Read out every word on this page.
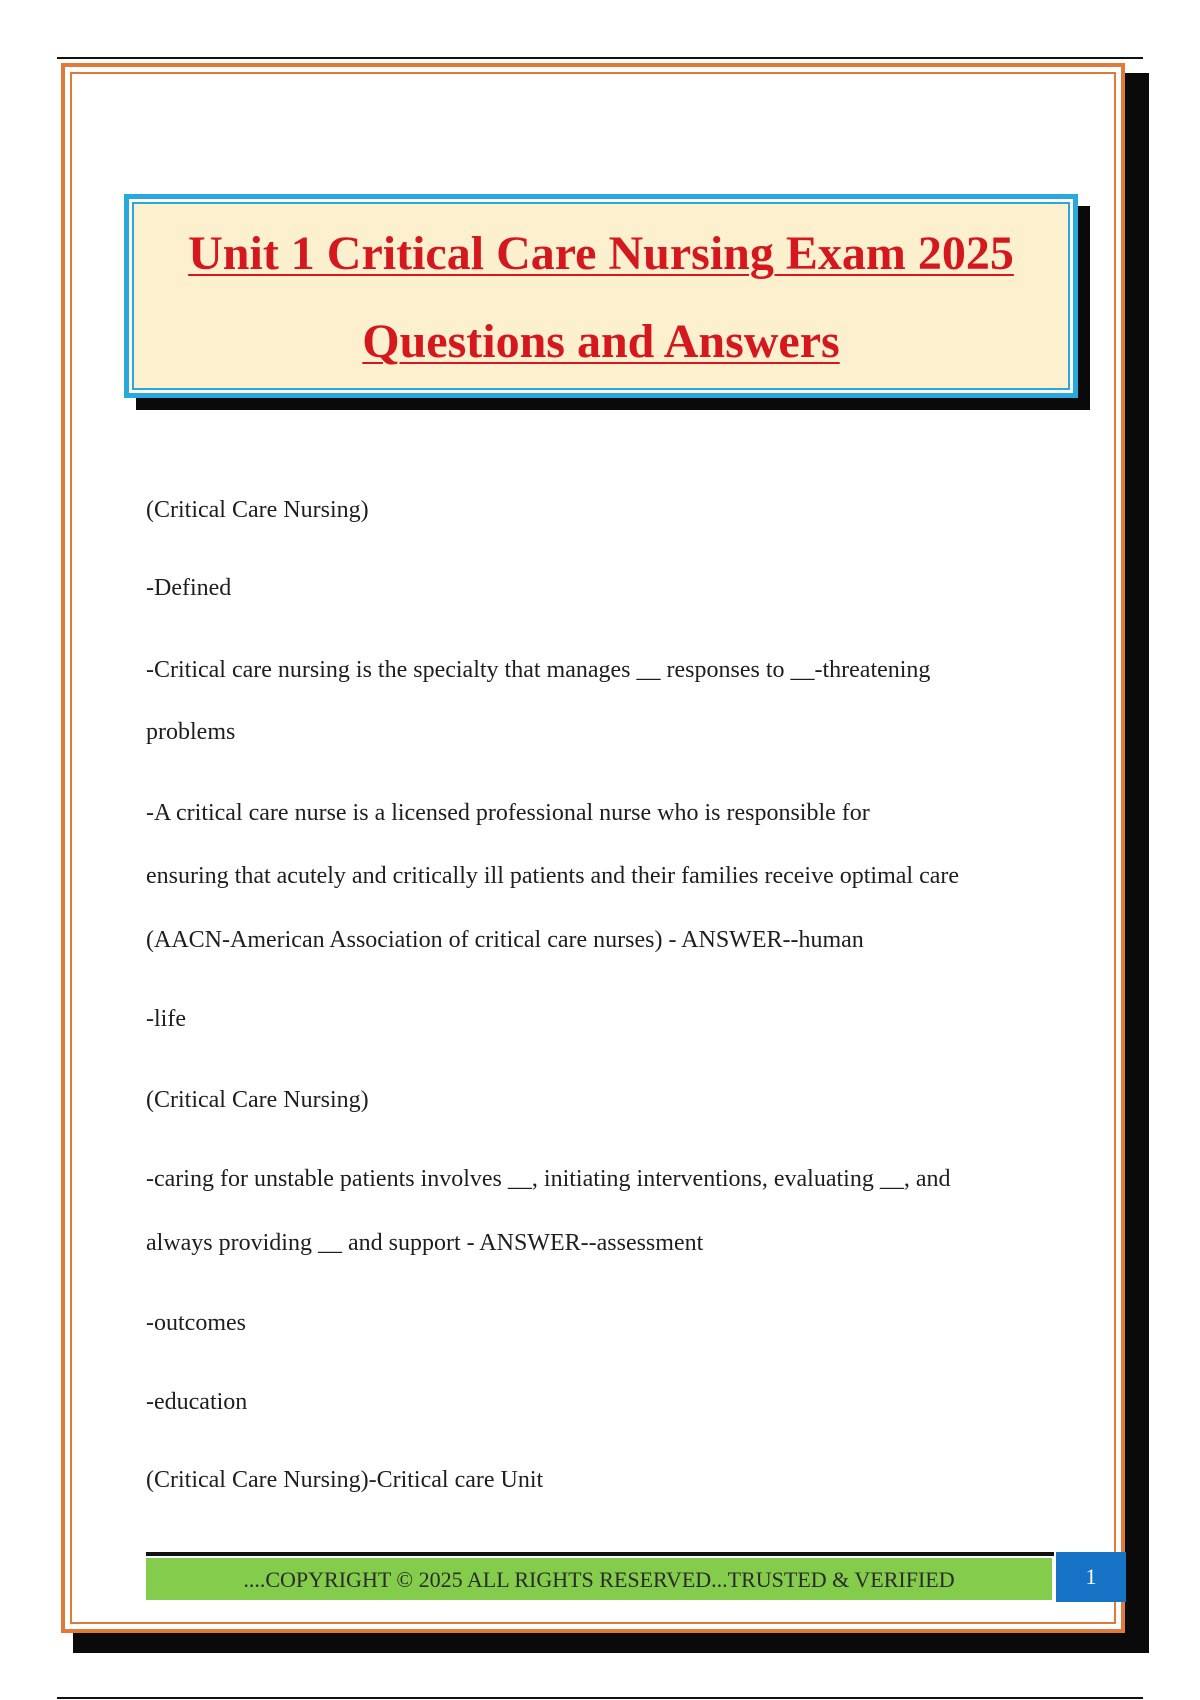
Unit 1 Critical Care Nursing Exam 2025
Questions and Answers
(Critical Care Nursing)
-Defined
-Critical care nursing is the specialty that manages __ responses to __-threatening
problems
-A critical care nurse is a licensed professional nurse who is responsible for
ensuring that acutely and critically ill patients and their families receive optimal care
(AACN-American Association of critical care nurses) - ANSWER--human
-life
(Critical Care Nursing)
-caring for unstable patients involves __, initiating interventions, evaluating __, and
always providing __ and support - ANSWER--assessment
-outcomes
-education
(Critical Care Nursing)-Critical care Unit
....COPYRIGHT © 2025 ALL RIGHTS RESERVED...TRUSTED & VERIFIED	1
